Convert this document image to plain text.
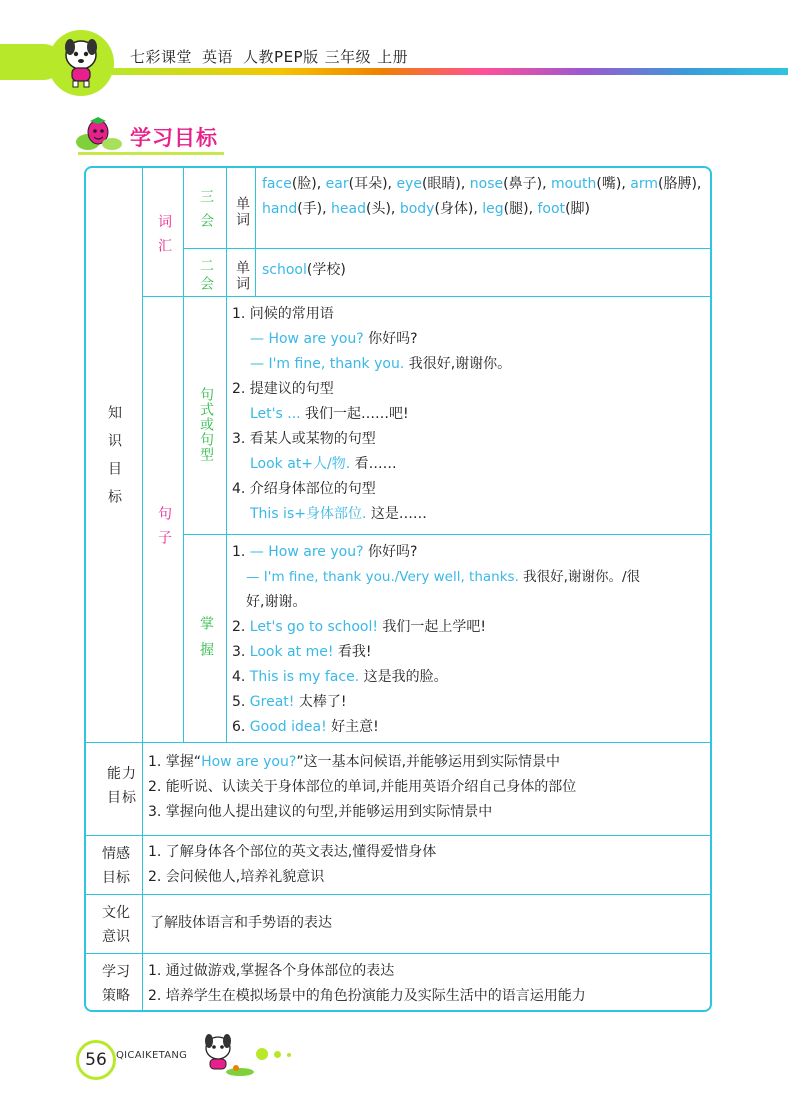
七彩课堂 英语 人教PEP版 三年级 上册
学习目标
知识目标
词汇
三会
二会
单词
单词
句子
句式或句型
掌握
face(脸), ear(耳朵), eye(眼睛), nose(鼻子), mouth(嘴), arm(胳膊), hand(手), head(头), body(身体), leg(腿), foot(脚)
school(学校)
1. 问候的常用语
— How are you? 你好吗?
— I'm fine, thank you. 我很好,谢谢你。
2. 提建议的句型
Let's ... 我们一起……吧!
3. 看某人或某物的句型
Look at+人/物. 看……
4. 介绍身体部位的句型
This is+身体部位. 这是……
1. — How are you? 你好吗?
— I'm fine, thank you./Very well, thanks. 我很好,谢谢你。/很
好,谢谢。
2. Let's go to school! 我们一起上学吧!
3. Look at me! 看我!
4. This is my face. 这是我的脸。
5. Great! 太棒了!
6. Good idea! 好主意!
能力目标
1. 掌握“How are you?”这一基本问候语,并能够运用到实际情景中
2. 能听说、认读关于身体部位的单词,并能用英语介绍自己身体的部位
3. 掌握向他人提出建议的句型,并能够运用到实际情景中
情感目标
1. 了解身体各个部位的英文表达,懂得爱惜身体
2. 会问候他人,培养礼貌意识
文化意识
了解肢体语言和手势语的表达
学习策略
1. 通过做游戏,掌握各个身体部位的表达
2. 培养学生在模拟场景中的角色扮演能力及实际生活中的语言运用能力
56 QICAIKETANG
